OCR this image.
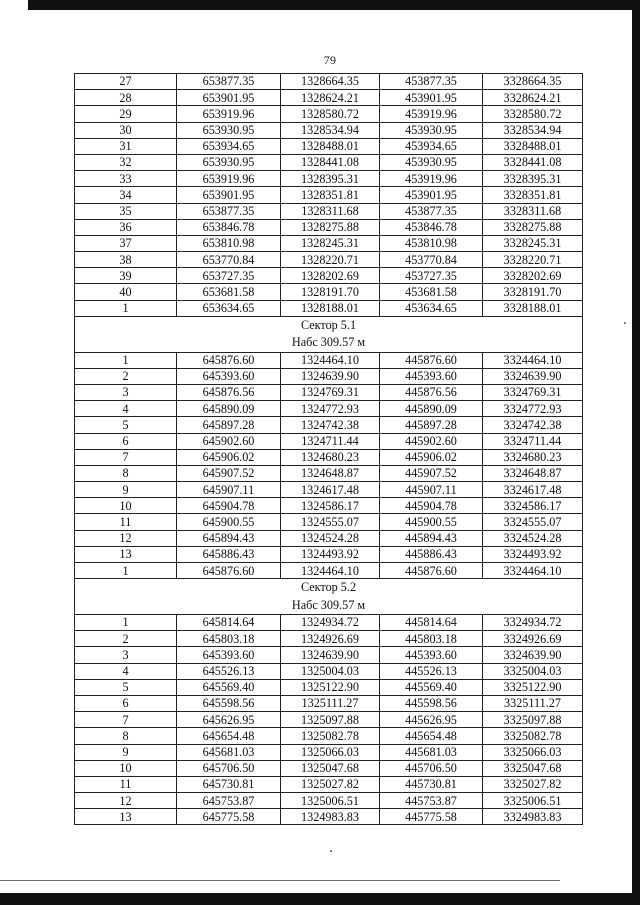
79
27	653877.35	1328664.35	453877.35	3328664.35
28	653901.95	1328624.21	453901.95	3328624.21
29	653919.96	1328580.72	453919.96	3328580.72
30	653930.95	1328534.94	453930.95	3328534.94
31	653934.65	1328488.01	453934.65	3328488.01
32	653930.95	1328441.08	453930.95	3328441.08
33	653919.96	1328395.31	453919.96	3328395.31
34	653901.95	1328351.81	453901.95	3328351.81
35	653877.35	1328311.68	453877.35	3328311.68
36	653846.78	1328275.88	453846.78	3328275.88
37	653810.98	1328245.31	453810.98	3328245.31
38	653770.84	1328220.71	453770.84	3328220.71
39	653727.35	1328202.69	453727.35	3328202.69
40	653681.58	1328191.70	453681.58	3328191.70
1	653634.65	1328188.01	453634.65	3328188.01

Сектор 5.1
Набс 309.57 м				

1	645876.60	1324464.10	445876.60	3324464.10
2	645393.60	1324639.90	445393.60	3324639.90
3	645876.56	1324769.31	445876.56	3324769.31
4	645890.09	1324772.93	445890.09	3324772.93
5	645897.28	1324742.38	445897.28	3324742.38
6	645902.60	1324711.44	445902.60	3324711.44
7	645906.02	1324680.23	445906.02	3324680.23
8	645907.52	1324648.87	445907.52	3324648.87
9	645907.11	1324617.48	445907.11	3324617.48
10	645904.78	1324586.17	445904.78	3324586.17
11	645900.55	1324555.07	445900.55	3324555.07
12	645894.43	1324524.28	445894.43	3324524.28
13	645886.43	1324493.92	445886.43	3324493.92
1	645876.60	1324464.10	445876.60	3324464.10

Сектор 5.2
Набс 309.57 м				

1	645814.64	1324934.72	445814.64	3324934.72
2	645803.18	1324926.69	445803.18	3324926.69
3	645393.60	1324639.90	445393.60	3324639.90
4	645526.13	1325004.03	445526.13	3325004.03
5	645569.40	1325122.90	445569.40	3325122.90
6	645598.56	1325111.27	445598.56	3325111.27
7	645626.95	1325097.88	445626.95	3325097.88
8	645654.48	1325082.78	445654.48	3325082.78
9	645681.03	1325066.03	445681.03	3325066.03
10	645706.50	1325047.68	445706.50	3325047.68
11	645730.81	1325027.82	445730.81	3325027.82
12	645753.87	1325006.51	445753.87	3325006.51
13	645775.58	1324983.83	445775.58	3324983.83
